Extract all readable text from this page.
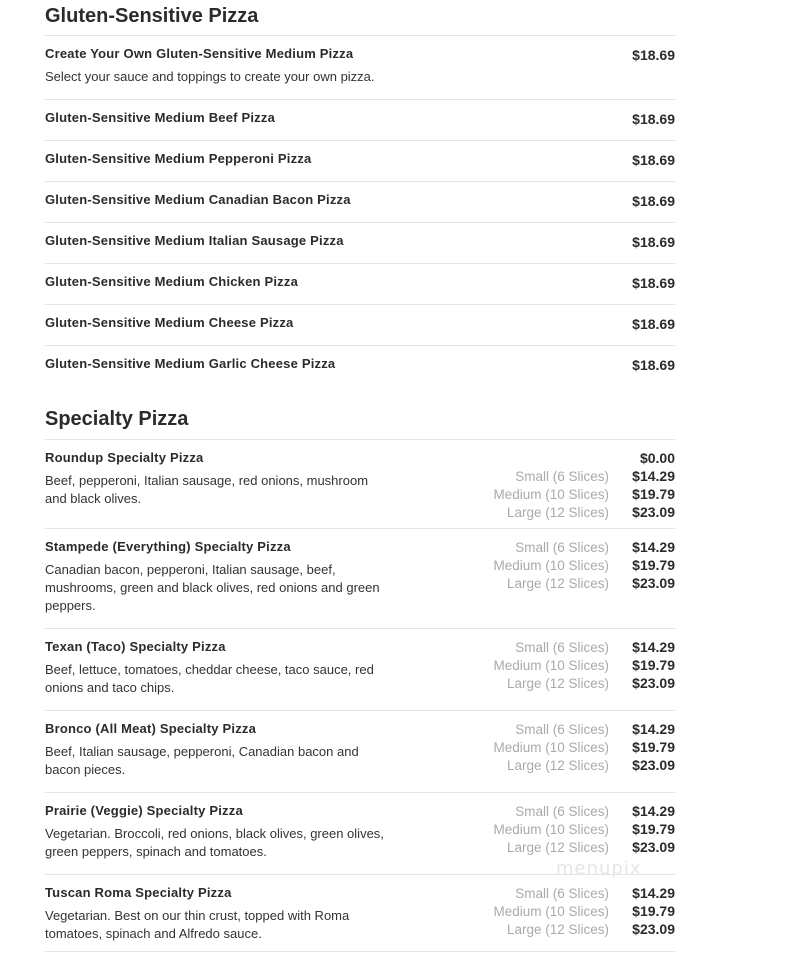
Gluten-Sensitive Pizza
Create Your Own Gluten-Sensitive Medium Pizza
Select your sauce and toppings to create your own pizza.
$18.69
Gluten-Sensitive Medium Beef Pizza	$18.69
Gluten-Sensitive Medium Pepperoni Pizza	$18.69
Gluten-Sensitive Medium Canadian Bacon Pizza	$18.69
Gluten-Sensitive Medium Italian Sausage Pizza	$18.69
Gluten-Sensitive Medium Chicken Pizza	$18.69
Gluten-Sensitive Medium Cheese Pizza	$18.69
Gluten-Sensitive Medium Garlic Cheese Pizza	$18.69
Specialty Pizza
Roundup Specialty Pizza
Beef, pepperoni, Italian sausage, red onions, mushroom and black olives.
$0.00
Small (6 Slices) $14.29
Medium (10 Slices) $19.79
Large (12 Slices) $23.09
Stampede (Everything) Specialty Pizza
Canadian bacon, pepperoni, Italian sausage, beef, mushrooms, green and black olives, red onions and green peppers.
Small (6 Slices) $14.29
Medium (10 Slices) $19.79
Large (12 Slices) $23.09
Texan (Taco) Specialty Pizza
Beef, lettuce, tomatoes, cheddar cheese, taco sauce, red onions and taco chips.
Small (6 Slices) $14.29
Medium (10 Slices) $19.79
Large (12 Slices) $23.09
Bronco (All Meat) Specialty Pizza
Beef, Italian sausage, pepperoni, Canadian bacon and bacon pieces.
Small (6 Slices) $14.29
Medium (10 Slices) $19.79
Large (12 Slices) $23.09
Prairie (Veggie) Specialty Pizza
Vegetarian. Broccoli, red onions, black olives, green olives, green peppers, spinach and tomatoes.
Small (6 Slices) $14.29
Medium (10 Slices) $19.79
Large (12 Slices) $23.09
Tuscan Roma Specialty Pizza
Vegetarian. Best on our thin crust, topped with Roma tomatoes, spinach and Alfredo sauce.
Small (6 Slices) $14.29
Medium (10 Slices) $19.79
Large (12 Slices) $23.09
menupix
